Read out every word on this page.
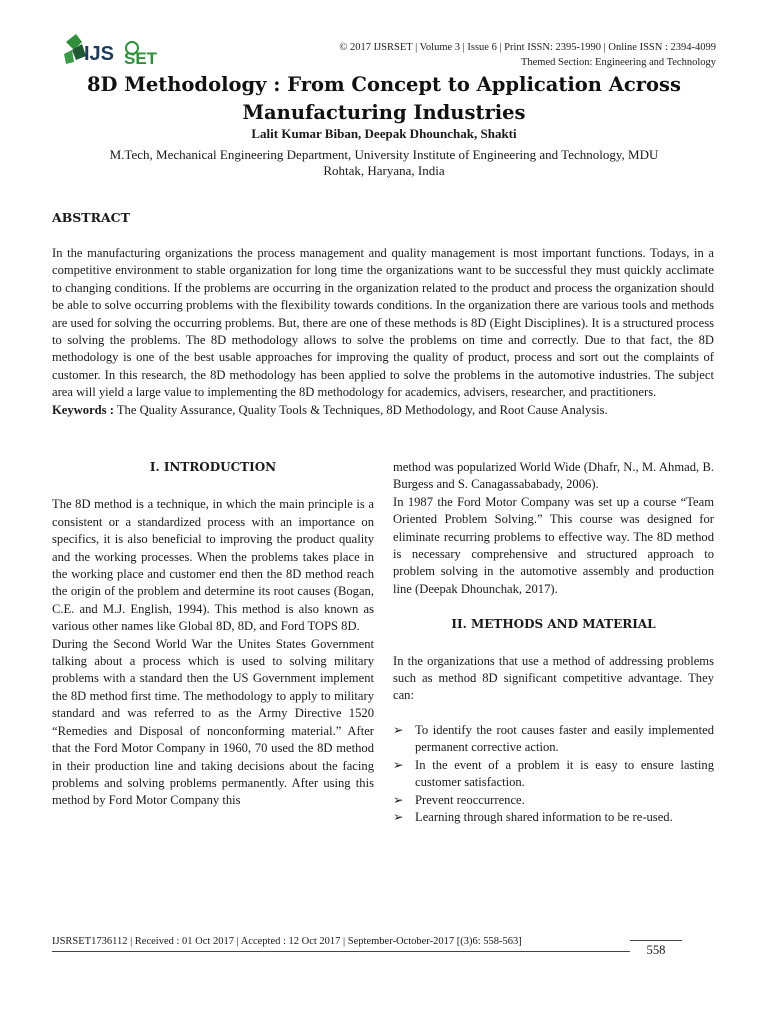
IJS SET
© 2017 IJSRSET | Volume 3 | Issue 6 | Print ISSN: 2395-1990 | Online ISSN : 2394-4099
Themed Section: Engineering and Technology
8D Methodology : From Concept to Application Across
Manufacturing Industries
Lalit Kumar Biban, Deepak Dhounchak, Shakti
M.Tech, Mechanical Engineering Department, University Institute of Engineering and Technology, MDU
Rohtak, Haryana, India
ABSTRACT
In the manufacturing organizations the process management and quality management is most important functions. Todays, in a competitive environment to stable organization for long time the organizations want to be successful they must quickly acclimate to changing conditions. If the problems are occurring in the organization related to the product and process the organization should be able to solve occurring problems with the flexibility towards conditions. In the organization there are various tools and methods are used for solving the occurring problems. But, there are one of these methods is 8D (Eight Disciplines). It is a structured process to solving the problems. The 8D methodology allows to solve the problems on time and correctly. Due to that fact, the 8D methodology is one of the best usable approaches for improving the quality of product, process and sort out the complaints of customer. In this research, the 8D methodology has been applied to solve the problems in the automotive industries. The subject area will yield a large value to implementing the 8D methodology for academics, advisers, researcher, and practitioners.
Keywords : The Quality Assurance, Quality Tools & Techniques, 8D Methodology, and Root Cause Analysis.
I. INTRODUCTION
The 8D method is a technique, in which the main principle is a consistent or a standardized process with an importance on specifics, it is also beneficial to improving the product quality and the working processes. When the problems takes place in the working place and customer end then the 8D method reach the origin of the problem and determine its root causes (Bogan, C.E. and M.J. English, 1994). This method is also known as various other names like Global 8D, 8D, and Ford TOPS 8D.
During the Second World War the Unites States Government talking about a process which is used to solving military problems with a standard then the US Government implement the 8D method first time. The methodology to apply to military standard and was referred to as the Army Directive 1520 “Remedies and Disposal of nonconforming material.” After that the Ford Motor Company in 1960, 70 used the 8D method in their production line and taking decisions about the facing problems and solving problems permanently. After using this method by Ford Motor Company this
method was popularized World Wide (Dhafr, N., M. Ahmad, B. Burgess and S. Canagassababady, 2006).
In 1987 the Ford Motor Company was set up a course “Team Oriented Problem Solving.” This course was designed for eliminate recurring problems to effective way. The 8D method is necessary comprehensive and structured approach to problem solving in the automotive assembly and production line (Deepak Dhounchak, 2017).
II. METHODS AND MATERIAL
In the organizations that use a method of addressing problems such as method 8D significant competitive advantage. They can:
➢ To identify the root causes faster and easily implemented permanent corrective action.
➢ In the event of a problem it is easy to ensure lasting customer satisfaction.
➢ Prevent reoccurrence.
➢ Learning through shared information to be re-used.
IJSRSET1736112 | Received : 01 Oct 2017 | Accepted : 12 Oct 2017 | September-October-2017 [(3)6: 558-563]
558
